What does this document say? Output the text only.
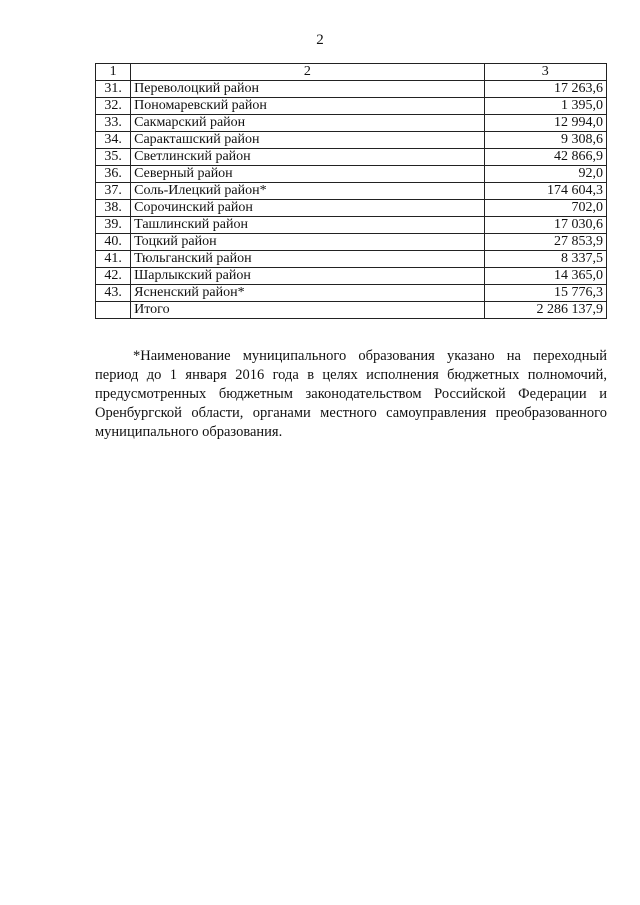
2
1	2	3
31.	Переволоцкий район	17 263,6
32.	Пономаревский район	1 395,0
33.	Сакмарский район	12 994,0
34.	Саракташский район	9 308,6
35.	Светлинский район	42 866,9
36.	Северный район	92,0
37.	Соль-Илецкий район*	174 604,3
38.	Сорочинский район	702,0
39.	Ташлинский район	17 030,6
40.	Тоцкий район	27 853,9
41.	Тюльганский район	8 337,5
42.	Шарлыкский район	14 365,0
43.	Ясненский район*	15 776,3
	Итого	2 286 137,9

*Наименование муниципального образования указано на переходный период до 1 января 2016 года в целях исполнения бюджетных полномочий, предусмотренных бюджетным законодательством Российской Федерации и Оренбургской области, органами местного самоуправления преобразованного муниципального образования.
